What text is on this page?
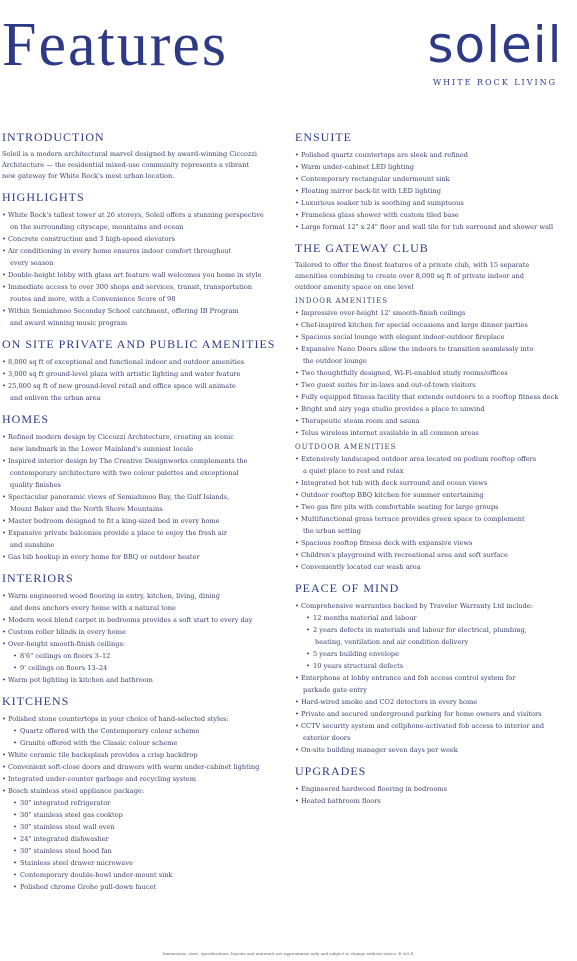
Features	soleil
WHITE ROCK LIVING
INTRODUCTION

Soleil is a modern architectural marvel designed by award-winning Ciccozzi
Architecture — the residential mixed-use community represents a vibrant
new gateway for White Rock's most urban location.

HIGHLIGHTS
• White Rock's tallest tower at 26 storeys, Soleil offers a stunning perspective
on the surrounding cityscape, mountains and ocean
• Concrete construction and 3 high-speed elevators
• Air conditioning in every home ensures indoor comfort throughout
every season
• Double-height lobby with glass art feature wall welcomes you home in style
• Immediate access to over 300 shops and services, transit, transportation
routes and more, with a Convenience Score of 98
• Within Semiahmoo Seconday School catchment, offering IB Program
and award winning music program
ON SITE PRIVATE AND PUBLIC AMENITIES
• 8,000 sq ft of exceptional and functional indoor and outdoor amenities
• 3,000 sq ft ground-level plaza with artistic lighting and water feature
• 25,000 sq ft of new ground-level retail and office space will animate
and enliven the urban area
HOMES
• Refined modern design by Ciccozzi Architecture, creating an iconic
new landmark in the Lower Mainland's sunniest locale
• Inspired interior design by The Creative Designworks complements the
contemporary architecture with two colour palettes and exceptional
quality finishes
• Spectacular panoramic views of Semiahmoo Bay, the Gulf Islands,
Mount Baker and the North Shore Mountains
• Master bedroom designed to fit a king-sized bed in every home
• Expansive private balconies provide a place to enjoy the fresh air
and sunshine
• Gas bib hookup in every home for BBQ or outdoor heater
INTERIORS
• Warm engineered wood flooring in entry, kitchen, living, dining
and dens anchors every home with a natural tone
• Modern wool blend carpet in bedrooms provides a soft start to every day
• Custom roller blinds in every home
• Over-height smooth-finish ceilings:
• 8'6" ceilings on floors 3–12
• 9' ceilings on floors 13–24
• Warm pot lighting in kitchen and bathroom
KITCHENS
• Polished stone countertops in your choice of hand-selected styles:
• Quartz offered with the Contemporary colour scheme
• Granite offered with the Classic colour scheme
• White ceramic tile backsplash provides a crisp backdrop
• Convenient soft-close doors and drawers with warm under-cabinet lighting
• Integrated under-counter garbage and recycling system
• Bosch stainless steel appliance package:
• 30" integrated refrigerator
• 30" stainless steel gas cooktop
• 30" stainless steel wall oven
• 24" integrated dishwasher
• 30" stainless steel hood fan
• Stainless steel drawer microwave
• Contemporary double-bowl under-mount sink
• Polished chrome Grohe pull-down faucet
ENSUITE
• Polished quartz countertops are sleek and refined
• Warm under-cabinet LED lighting
• Contemporary rectangular undermount sink
• Floating mirror back-lit with LED lighting
• Luxurious soaker tub is soothing and sumptuous
• Frameless glass shower with custom tiled base
• Large format 12" x 24" floor and wall tile for tub surround and shower wall
THE GATEWAY CLUB

Tailored to offer the finest features of a private club, with 15 separate
amenities combining to create over 8,000 sq ft of private indoor and
outdoor amenity space on one level

INDOOR AMENITIES
• Impressive over-height 12' smooth-finish ceilings
• Chef-inspired kitchen for special occasions and large dinner parties
• Spacious social lounge with elegant indoor-outdoor fireplace
• Expansive Nano Doors allow the indoors to transition seamlessly into
the outdoor lounge
• Two thoughtfully designed, Wi-Fi-enabled study rooms/offices
• Two guest suites for in-laws and out-of-town visitors
• Fully equipped fitness facility that extends outdoors to a rooftop fitness deck
• Bright and airy yoga studio provides a place to unwind
• Therapeutic steam room and sauna
• Telus wireless internet available in all common areas
OUTDOOR AMENITIES
• Extensively landscaped outdoor area located on podium rooftop offers
a quiet place to rest and relax
• Integrated hot tub with deck surround and ocean views
• Outdoor rooftop BBQ kitchen for summer entertaining
• Two gas fire pits with comfortable seating for large groups
• Multifunctional grass terrace provides green space to complement
the urban setting
• Spacious rooftop fitness deck with expansive views
• Children's playground with recreational area and soft surface
• Conveniently located car wash area
PEACE OF MIND
• Comprehensive warranties backed by Traveler Warranty Ltd include:
• 12 months material and labour
• 2 years defects in materials and labour for electrical, plumbing,
heating, ventilation and air condition delivery
• 5 years building envelope
• 10 years structural defects
• Enterphone at lobby entrance and fob access control system for
parkade gate entry
• Hard-wired smoke and CO2 detectors in every home
• Private and secured underground parking for home owners and visitors
• CCTV security system and cellphone-activated fob access to interior and
exterior doors
• On-site building manager seven days per week
UPGRADES
• Engineered hardwood flooring in bedrooms
• Heated bathroom floors
Dimensions, sizes, specifications, layouts and materials are approximate only and subject to change without notice. E.&O.E.
